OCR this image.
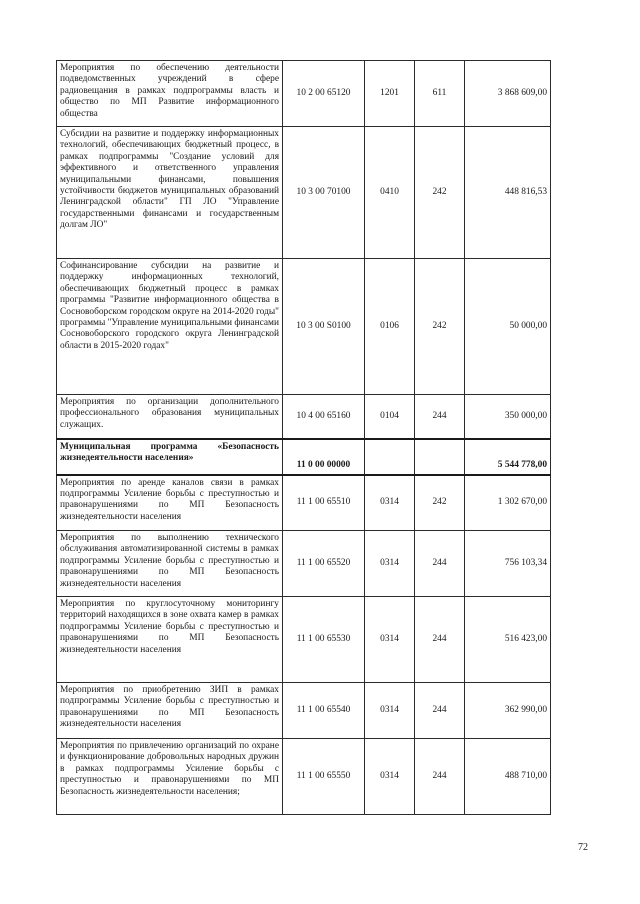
Мероприятия по обеспечению деятельности подведомственных учреждений в сфере радиовещания в рамках подпрограммы власть и общество по МП Развитие информационного общества	10 2 00 65120	1201	611	3 868 609,00
Субсидии на развитие и поддержку информационных технологий, обеспечивающих бюджетный процесс, в рамках подпрограммы "Создание условий для эффективного и ответственного управления муниципальными финансами, повышения устойчивости бюджетов муниципальных образований Ленинградской области" ГП ЛО "Управление государственными финансами и государственным долгам ЛО"	10 3 00 70100	0410	242	448 816,53
Софинансирование субсидии на развитие и поддержку информационных технологий, обеспечивающих бюджетный процесс в рамках программы "Развитие информационного общества в Сосновоборском городском округе на 2014-2020 годы" программы "Управление муниципальными финансами Сосновоборского городского округа Ленинградской области в 2015-2020 годах"	10 3 00 S0100	0106	242	50 000,00
Мероприятия по организации дополнительного профессионального образования муниципальных служащих.	10 4 00 65160	0104	244	350 000,00
Муниципальная программа «Безопасность жизнедеятельности населения»	11 0 00 00000			5 544 778,00
Мероприятия по аренде каналов связи в рамках подпрограммы Усиление борьбы с преступностью и правонарушениями по МП Безопасность жизнедеятельности населения	11 1 00 65510	0314	242	1 302 670,00
Мероприятия по выполнению технического обслуживания автоматизированной системы в рамках подпрограммы Усиление борьбы с преступностью и правонарушениями по МП Безопасность жизнедеятельности населения	11 1 00 65520	0314	244	756 103,34
Мероприятия по круглосуточному мониторингу территорий находящихся в зоне охвата камер в рамках подпрограммы Усиление борьбы с преступностью и правонарушениями по МП Безопасность жизнедеятельности населения	11 1 00 65530	0314	244	516 423,00
Мероприятия по приобретению ЗИП в рамках подпрограммы Усиление борьбы с преступностью и правонарушениями по МП Безопасность жизнедеятельности населения	11 1 00 65540	0314	244	362 990,00
Мероприятия по привлечению организаций по охране и функционирование добровольных народных дружин в рамках подпрограммы Усиление борьбы с преступностью и правонарушениями по МП Безопасность жизнедеятельности населения;	11 1 00 65550	0314	244	488 710,00
72
